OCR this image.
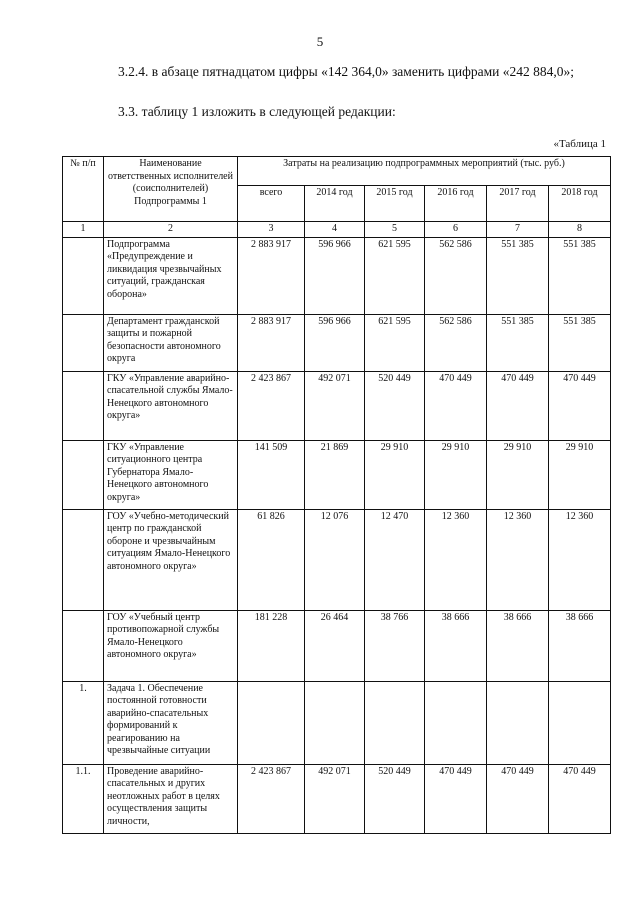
5
3.2.4. в абзаце пятнадцатом цифры «142 364,0» заменить цифрами «242 884,0»;
3.3. таблицу 1 изложить в следующей редакции:
«Таблица 1
№ п/п	Наименование ответственных исполнителей (соисполнителей) Подпрограммы 1	Затраты на реализацию подпрограммных мероприятий (тыс. руб.)					
		всего	2014 год	2015 год	2016 год	2017 год	2018 год
1	2	3	4	5	6	7	8
	Подпрограмма «Предупреждение и ликвидация чрезвычайных ситуаций, гражданская оборона»	2 883 917	596 966	621 595	562 586	551 385	551 385
	Департамент гражданской защиты и пожарной безопасности автономного округа	2 883 917	596 966	621 595	562 586	551 385	551 385
	ГКУ «Управление аварийно-спасательной службы Ямало-Ненецкого автономного округа»	2 423 867	492 071	520 449	470 449	470 449	470 449
	ГКУ «Управление ситуационного центра Губернатора Ямало-Ненецкого автономного округа»	141 509	21 869	29 910	29 910	29 910	29 910
	ГОУ «Учебно-методический центр по гражданской обороне и чрезвычайным ситуациям Ямало-Ненецкого автономного округа»	61 826	12 076	12 470	12 360	12 360	12 360
	ГОУ «Учебный центр противопожарной службы Ямало-Ненецкого автономного округа»	181 228	26 464	38 766	38 666	38 666	38 666
1.	Задача 1. Обеспечение постоянной готовности аварийно-спасательных формирований к реагированию на чрезвычайные ситуации						
1.1.	Проведение аварийно-спасательных и других неотложных работ в целях осуществления защиты личности,	2 423 867	492 071	520 449	470 449	470 449	470 449
